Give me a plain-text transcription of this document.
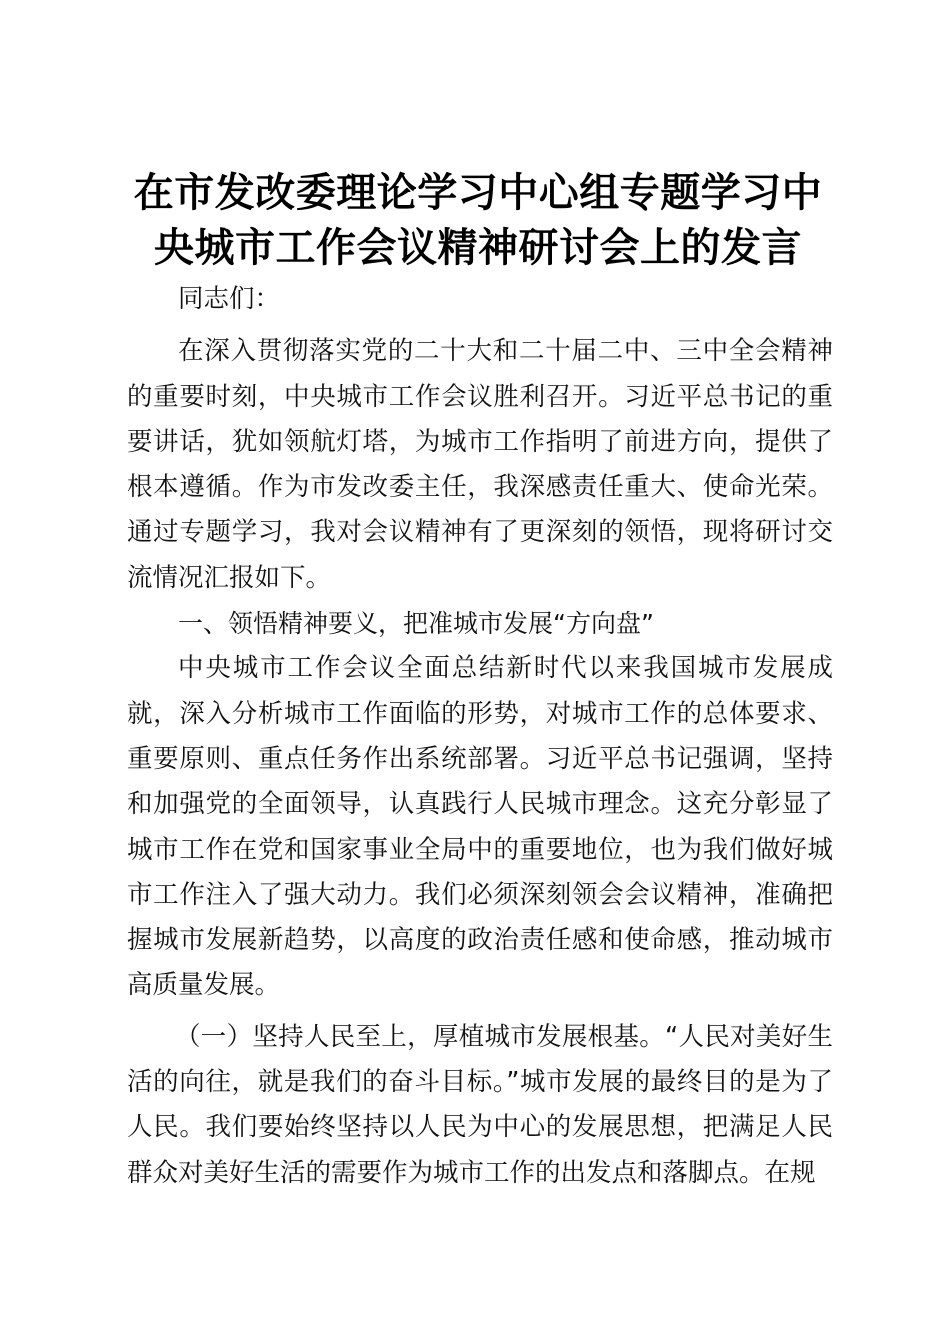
在市发改委理论学习中心组专题学习中央城市工作会议精神研讨会上的发言

同志们：

在深入贯彻落实党的二十大和二十届二中、三中全会精神的重要时刻，中央城市工作会议胜利召开。习近平总书记的重要讲话，犹如领航灯塔，为城市工作指明了前进方向，提供了根本遵循。作为市发改委主任，我深感责任重大、使命光荣。通过专题学习，我对会议精神有了更深刻的领悟，现将研讨交流情况汇报如下。

一、领悟精神要义，把准城市发展“方向盘”

中央城市工作会议全面总结新时代以来我国城市发展成就，深入分析城市工作面临的形势，对城市工作的总体要求、重要原则、重点任务作出系统部署。习近平总书记强调，坚持和加强党的全面领导，认真践行人民城市理念。这充分彰显了城市工作在党和国家事业全局中的重要地位，也为我们做好城市工作注入了强大动力。我们必须深刻领会会议精神，准确把握城市发展新趋势，以高度的政治责任感和使命感，推动城市高质量发展。

（一）坚持人民至上，厚植城市发展根基。“人民对美好生活的向往，就是我们的奋斗目标。”城市发展的最终目的是为了人民。我们要始终坚持以人民为中心的发展思想，把满足人民群众对美好生活的需要作为城市工作的出发点和落脚点。在规
